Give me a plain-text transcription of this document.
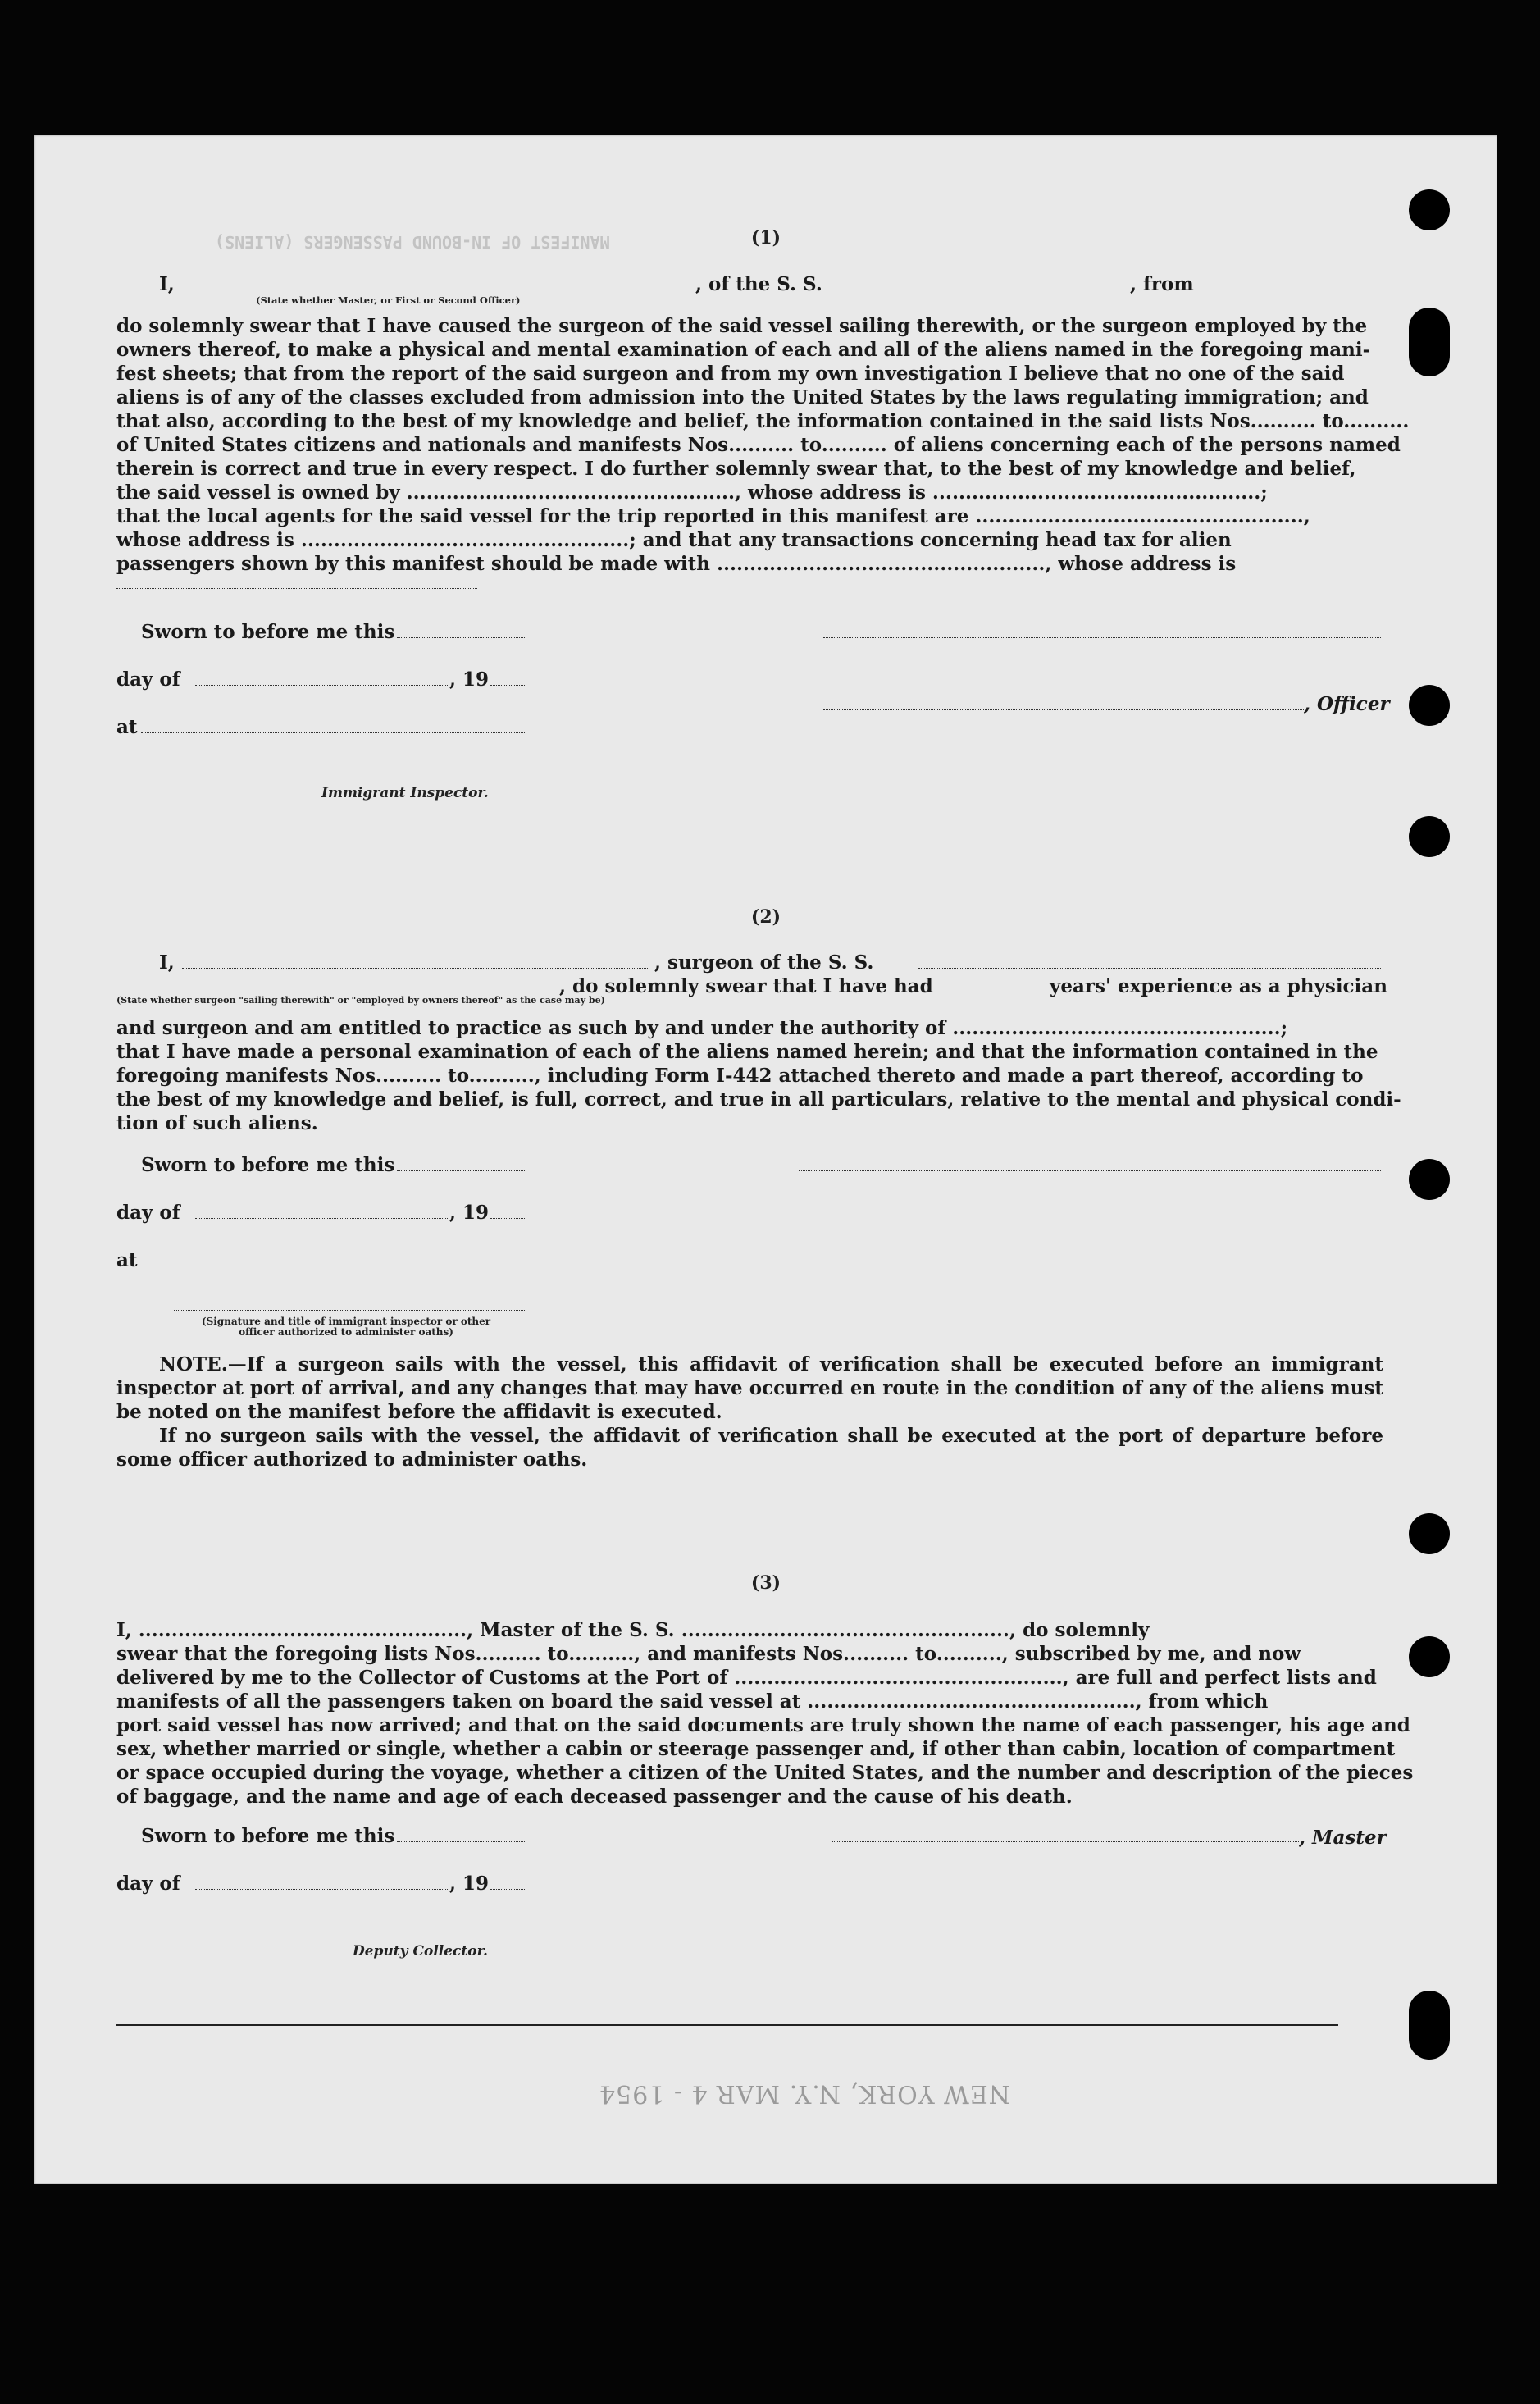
MANIFEST OF IN-BOUND PASSENGERS (ALIENS)	(1)
I,
(State whether Master, or First or Second Officer)
, of the S. S.	, from
do solemnly swear that I have caused the surgeon of the said vessel sailing therewith, or the surgeon employed by the
owners thereof, to make a physical and mental examination of each and all of the aliens named in the foregoing mani-
fest sheets; that from the report of the said surgeon and from my own investigation I believe that no one of the said
aliens is of any of the classes excluded from admission into the United States by the laws regulating immigration; and
that also, according to the best of my knowledge and belief, the information contained in the said lists Nos.......... to..........
of United States citizens and nationals and manifests Nos.......... to.......... of aliens concerning each of the persons named
therein is correct and true in every respect. I do further solemnly swear that, to the best of my knowledge and belief,
the said vessel is owned by .................................................., whose address is ..................................................;
that the local agents for the said vessel for the trip reported in this manifest are ..................................................,
whose address is ..................................................; and that any transactions concerning head tax for alien
passengers shown by this manifest should be made with .................................................., whose address is
Sworn to before me this
day of	, 19
, Officer
at
Immigrant Inspector.
(2)
I,	, surgeon of the S. S.
, do solemnly swear that I have had	years' experience as a physician
(State whether surgeon "sailing therewith" or "employed by owners thereof" as the case may be)
and surgeon and am entitled to practice as such by and under the authority of ..................................................;
that I have made a personal examination of each of the aliens named herein; and that the information contained in the
foregoing manifests Nos.......... to.........., including Form I-442 attached thereto and made a part thereof, according to
the best of my knowledge and belief, is full, correct, and true in all particulars, relative to the mental and physical condi-
tion of such aliens.
Sworn to before me this
day of	, 19
at
(Signature and title of immigrant inspector or other officer authorized to administer oaths)
NOTE.—If a surgeon sails with the vessel, this affidavit of verification shall be executed before an immigrant inspector at port of arrival, and any changes that may have occurred en route in the condition of any of the aliens must be noted on the manifest before the affidavit is executed.
If no surgeon sails with the vessel, the affidavit of verification shall be executed at the port of departure before some officer authorized to administer oaths.
(3)
I, .................................................., Master of the S. S. .................................................., do solemnly
swear that the foregoing lists Nos.......... to.........., and manifests Nos.......... to.........., subscribed by me, and now
delivered by me to the Collector of Customs at the Port of .................................................., are full and perfect lists and
manifests of all the passengers taken on board the said vessel at .................................................., from which
port said vessel has now arrived; and that on the said documents are truly shown the name of each passenger, his age and
sex, whether married or single, whether a cabin or steerage passenger and, if other than cabin, location of compartment
or space occupied during the voyage, whether a citizen of the United States, and the number and description of the pieces
of baggage, and the name and age of each deceased passenger and the cause of his death.
Sworn to before me this	, Master
day of	, 19
Deputy Collector.
NEW YORK, N.Y. MAR 4 - 1954
